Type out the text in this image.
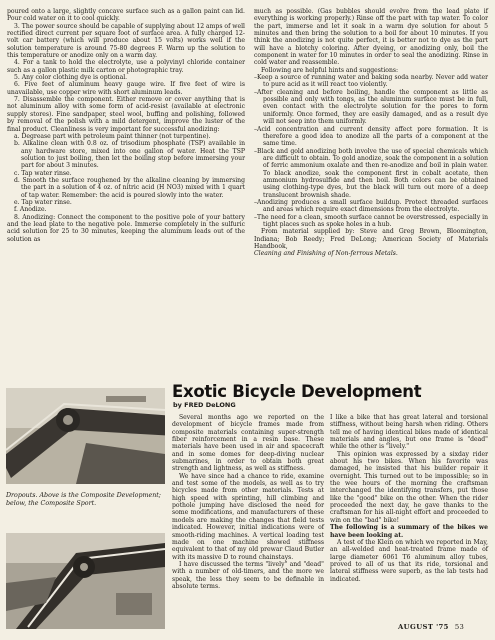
poured onto a large, slightly concave surface such as a gallon paint can lid. Pour cold water on it to cool quickly.

3. The power source should be capable of supplying about 12 amps of well rectified direct current per square foot of surface area. A fully charged 12-volt car battery (which will produce about 15 volts) works well if the solution temperature is around 75-80 degrees F. Warm up the solution to this temperature or anodize only on a warm day.

4. For a tank to hold the electrolyte, use a polyvinyl chloride container such as a gallon plastic milk carton or photographic tray.

5. Any color clothing dye is optional.

6. Five feet of aluminum heavy gauge wire. If five feet of wire is unavailable, use copper wire with short aluminum leads.

7. Disassemble the component. Either remove or cover anything that is not aluminum alloy with some form of acid-resist (available at electronic supply stores). Fine sandpaper, steel wool, buffing and polishing, followed by removal of the polish with a mild detergent, improve the luster of the final product. Cleanliness is very important for successful anodizing:

a. Degrease part with petroleum paint thinner (not turpentine).

b. Alkaline clean with 0.8 oz. of trisodium phosphate (TSP) available in any hardware store, mixed into one gallon of water. Heat the TSP solution to just boiling, then let the boiling stop before immersing your part for about 3 minutes.

c. Tap water rinse.

d. Smooth the surface roughened by the alkaline cleaning by immersing the part in a solution of 4 oz. of nitric acid (H NO3) mixed with 1 quart of tap water. Remember: the acid is poured slowly into the water.

e. Tap water rinse.

f. Anodize.

8. Anodizing: Connect the component to the positive pole of your battery and the lead plate to the negative pole. Immerse completely in the sulfuric acid solution for 25 to 30 minutes, keeping the aluminum leads out of the solution as

much as possible. (Gas bubbles should evolve from the lead plate if everything is working properly.) Rinse off the part with tap water. To color the part, immerse and let it soak in a warm dye solution for about 5 minutes and then bring the solution to a boil for about 10 minutes. If you think the anodizing is not quite perfect, it is better not to dye as the part will have a blotchy coloring. After dyeing, or anodizing only, boil the component in water for 10 minutes in order to seal the anodizing. Rinse in cold water and reassemble.

Following are helpful hints and suggestions:

–Keep a source of running water and baking soda nearby. Never add water to pure acid as it will react too violently.

–After cleaning and before boiling, handle the component as little as possible and only with tongs, as the aluminum surface must be in full, even contact with the electrolyte solution for the pores to form uniformly. Once formed, they are easily damaged, and as a result dye will not seep into them uniformly.

–Acid concentration and current density affect pore formation. It is therefore a good idea to anodize all the parts of a component at the same time.

–Black and gold anodizing both involve the use of special chemicals which are difficult to obtain. To gold anodize, soak the component in a solution of ferric ammonium oxalate and then re-anodize and boil in plain water. To black anodize, soak the component first in cobalt acetate, then ammonium hydrosulfide and then boil. Both colors can be obtained using clothing-type dyes, but the black will turn out more of a deep translucent brownish shade.

–Anodizing produces a small surface buildup. Protect threaded surfaces and areas which require exact dimensions from the electrolyte.

–The need for a clean, smooth surface cannot be overstressed, especially in tight places such as spoke holes in a hub.

From material supplied by: Steve and Greg Brown, Bloomington, Indiana; Bob Reedy; Fred DeLong; American Society of Materials Handbook,

Cleaning and Finishing of Non-ferrous Metals.

Dropouts. Above is the Composite Development; below, the Composite Sport.
Exotic Bicycle Development
by FRED DeLONG

Several months ago we reported on the development of bicycle frames made from composite materials containing super-strength fiber reinforcement in a resin base. These materials have been used in air and spacecraft and in some domes for deep-diving nuclear submarines, in order to obtain both great strength and lightness, as well as stiffness.

We have since had a chance to ride, examine and test some of the models, as well as to try bicycles made from other materials. Tests at high speed with sprinting, hill climbing and pothole jumping have disclosed the need for some modifications, and manufacturers of these models are making the changes that field tests indicated. However, initial indications were of smooth-riding machines. A vertical loading test made on one machine showed stiffness equivalent to that of my old prewar Claud Butler with its massive D to round chainstays.

I have discussed the terms "lively" and "dead" with a number of old-timers, and the more we speak, the less they seem to be definable in absolute terms.

I like a bike that has great lateral and torsional stiffness, without being harsh when riding. Others tell me of having identical bikes made of identical materials and angles, but one frame is "dead" while the other is "lively."

This opinion was expressed by a sixday rider about his two bikes. When his favorite was damaged, he insisted that his builder repair it overnight. This turned out to be impossible; so in the wee hours of the morning the craftsman interchanged the identifying transfers, put those like the "good" bike on the other. When the rider proceeded the next day, he gave thanks to the craftsman for his all-night effort and proceeded to win on the "bad" bike!

The following is a summary of the bikes we have been looking at.

A test of the Klein on which we reported in May, an all-welded and heat-treated frame made of large diameter 6061 T6 aluminum alloy tubes, proved to all of us that its ride, torsional and lateral stiffness were superb, as the lab tests had indicated.

AUGUST '75 53
